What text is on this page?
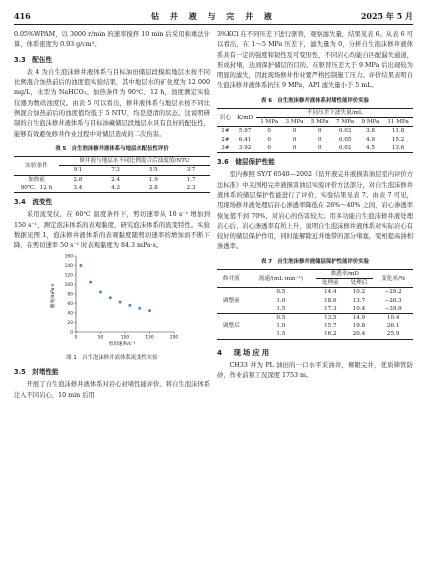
416	钻 井 液 与 完 井 液	2025 年 5 月

0.05%WPAM，以 3000 r/min 的速率搅拌 10 min 后采用称重法计算，体系密度为 0.93 g/cm³。

3.3　配伍性

表 4 为自生泡沫修井液体系与目标油田储层段模拟地层水按不同比例混合加热前后的浊度值实验结果，其中地层水的矿化度为 12 000 mg/L，水型为 NaHCO₃。加热条件为 90℃、12 h，浊度测定实验仪器为数码浊度仪。由表 5 可以看出，修井液体系与地层水按不同比例混合加热前后的浊度值均低于 5 NTU，均是澄清的状态，这说明研制的自生泡沫修井液体系与目标油藏储层段地层水具有良好的配伍性，能够有效避免修井作业过程中对储层造成的二次伤害。

表 5　自生泡沫修井液体系与地层水配伍性评价
实验条件	修井液与地层水不同比例混合后浊度值/NTU			
	9∶1	7∶3	5∶5	3∶7
加热前	2.8	2.4	1.9	1.7
90℃、12 h	3.4	4.2	2.8	2.3
3.4　流变性

采用流变仪，在 60℃ 温度条件下，剪切速率从 10 s⁻¹ 增加到 150 s⁻¹，测定泡沫体系的表观黏度，研究泡沫体系的流变特性。实验数据见图 1，泡沫修井液体系的表观黏度随剪切速率的增加而不断下降，在剪切速率 50 s⁻¹ 时表观黏度为 84.3 mPa·s。

0	50	100	150	200
0
20
40
60
80
100
120
140
160
黏度/mPa·s
剪切速率/s⁻¹
图 1　自生泡沫修井液体系流变性实验
3.5　封堵性能

开展了自生泡沫修井液体系对岩心封堵性能评价。将自生泡沫体系注入不同岩心，10 min 后用

3%KCl 在不同压差下进行驱替，观察滤失量，结果见表 6。从表 6 可以看出，在 1～5 MPa 压差下，滤失量为 0，分析自生泡沫修井液体系具有一定的强度和韧性及可变形性，不同岩心均能自匹配漏失通道，形成封堵，达到保护储层的目的。在驱替压差大于 9 MPa 后出现较为明显的滤失，因此现场修井作业要严格控制施工压力。评价结果表明自生泡沫修井液体系抗压 9 MPa，API 滤失量小于 5 mL。

表 6　自生泡沫修井液体系封堵性能评价实验
岩心	K/mD	不同压差下滤失量/mL					
		1 MPa	3 MPa	5 MPa	7 MPa	9 MPa	11 MPa
1#	5.97	0	0	0	0.03	3.8	11.8
2#	6.41	0	0	0	0.05	4.9	15.2
3#	3.92	0	0	0	0.02	4.5	13.6
3.6　储层保护性能

室内参照 SY/T 6540—2002《钻开液完井液损害油层室内评价方法标准》中关国相完井液损害油层实验评价方法部分，对自生泡沫修井液体系的储层保护性能进行了评价，实验结果见表 7。由表 7 可见，用现场修井液处理后岩心渗透率降低在 26%～40% 之间，岩心渗透率恢复值不到 70%，对岩心的伤害较大；用多功能自生泡沫修井液处理岩心后，岩心渗透率有所上升，说明自生泡沫修井液体系对实际岩心有较好的储层保护作用，同时能解除近井地带的部分堵塞，变相提高油相渗透率。

表 7　自生泡沫修井液储层保护性能评价实验
修井液	流速/(mL·min⁻¹)	渗透率/mD		变化率/%
		处理前	处理后	
调整前	0.5	14.4	10.2	−29.2
	1.0	18.6	13.7	−26.3
	1.5	17.3	10.4	−39.9
调整后	0.5	13.5	14.9	10.4
	1.0	15.7	19.8	26.1
	1.5	16.2	20.4	25.9
4　现场应用

CH33 井为 PL 油田的一口水平采油井，裸眼完井，优质筛管防砂，作业前泵工况深度 1753 m。
